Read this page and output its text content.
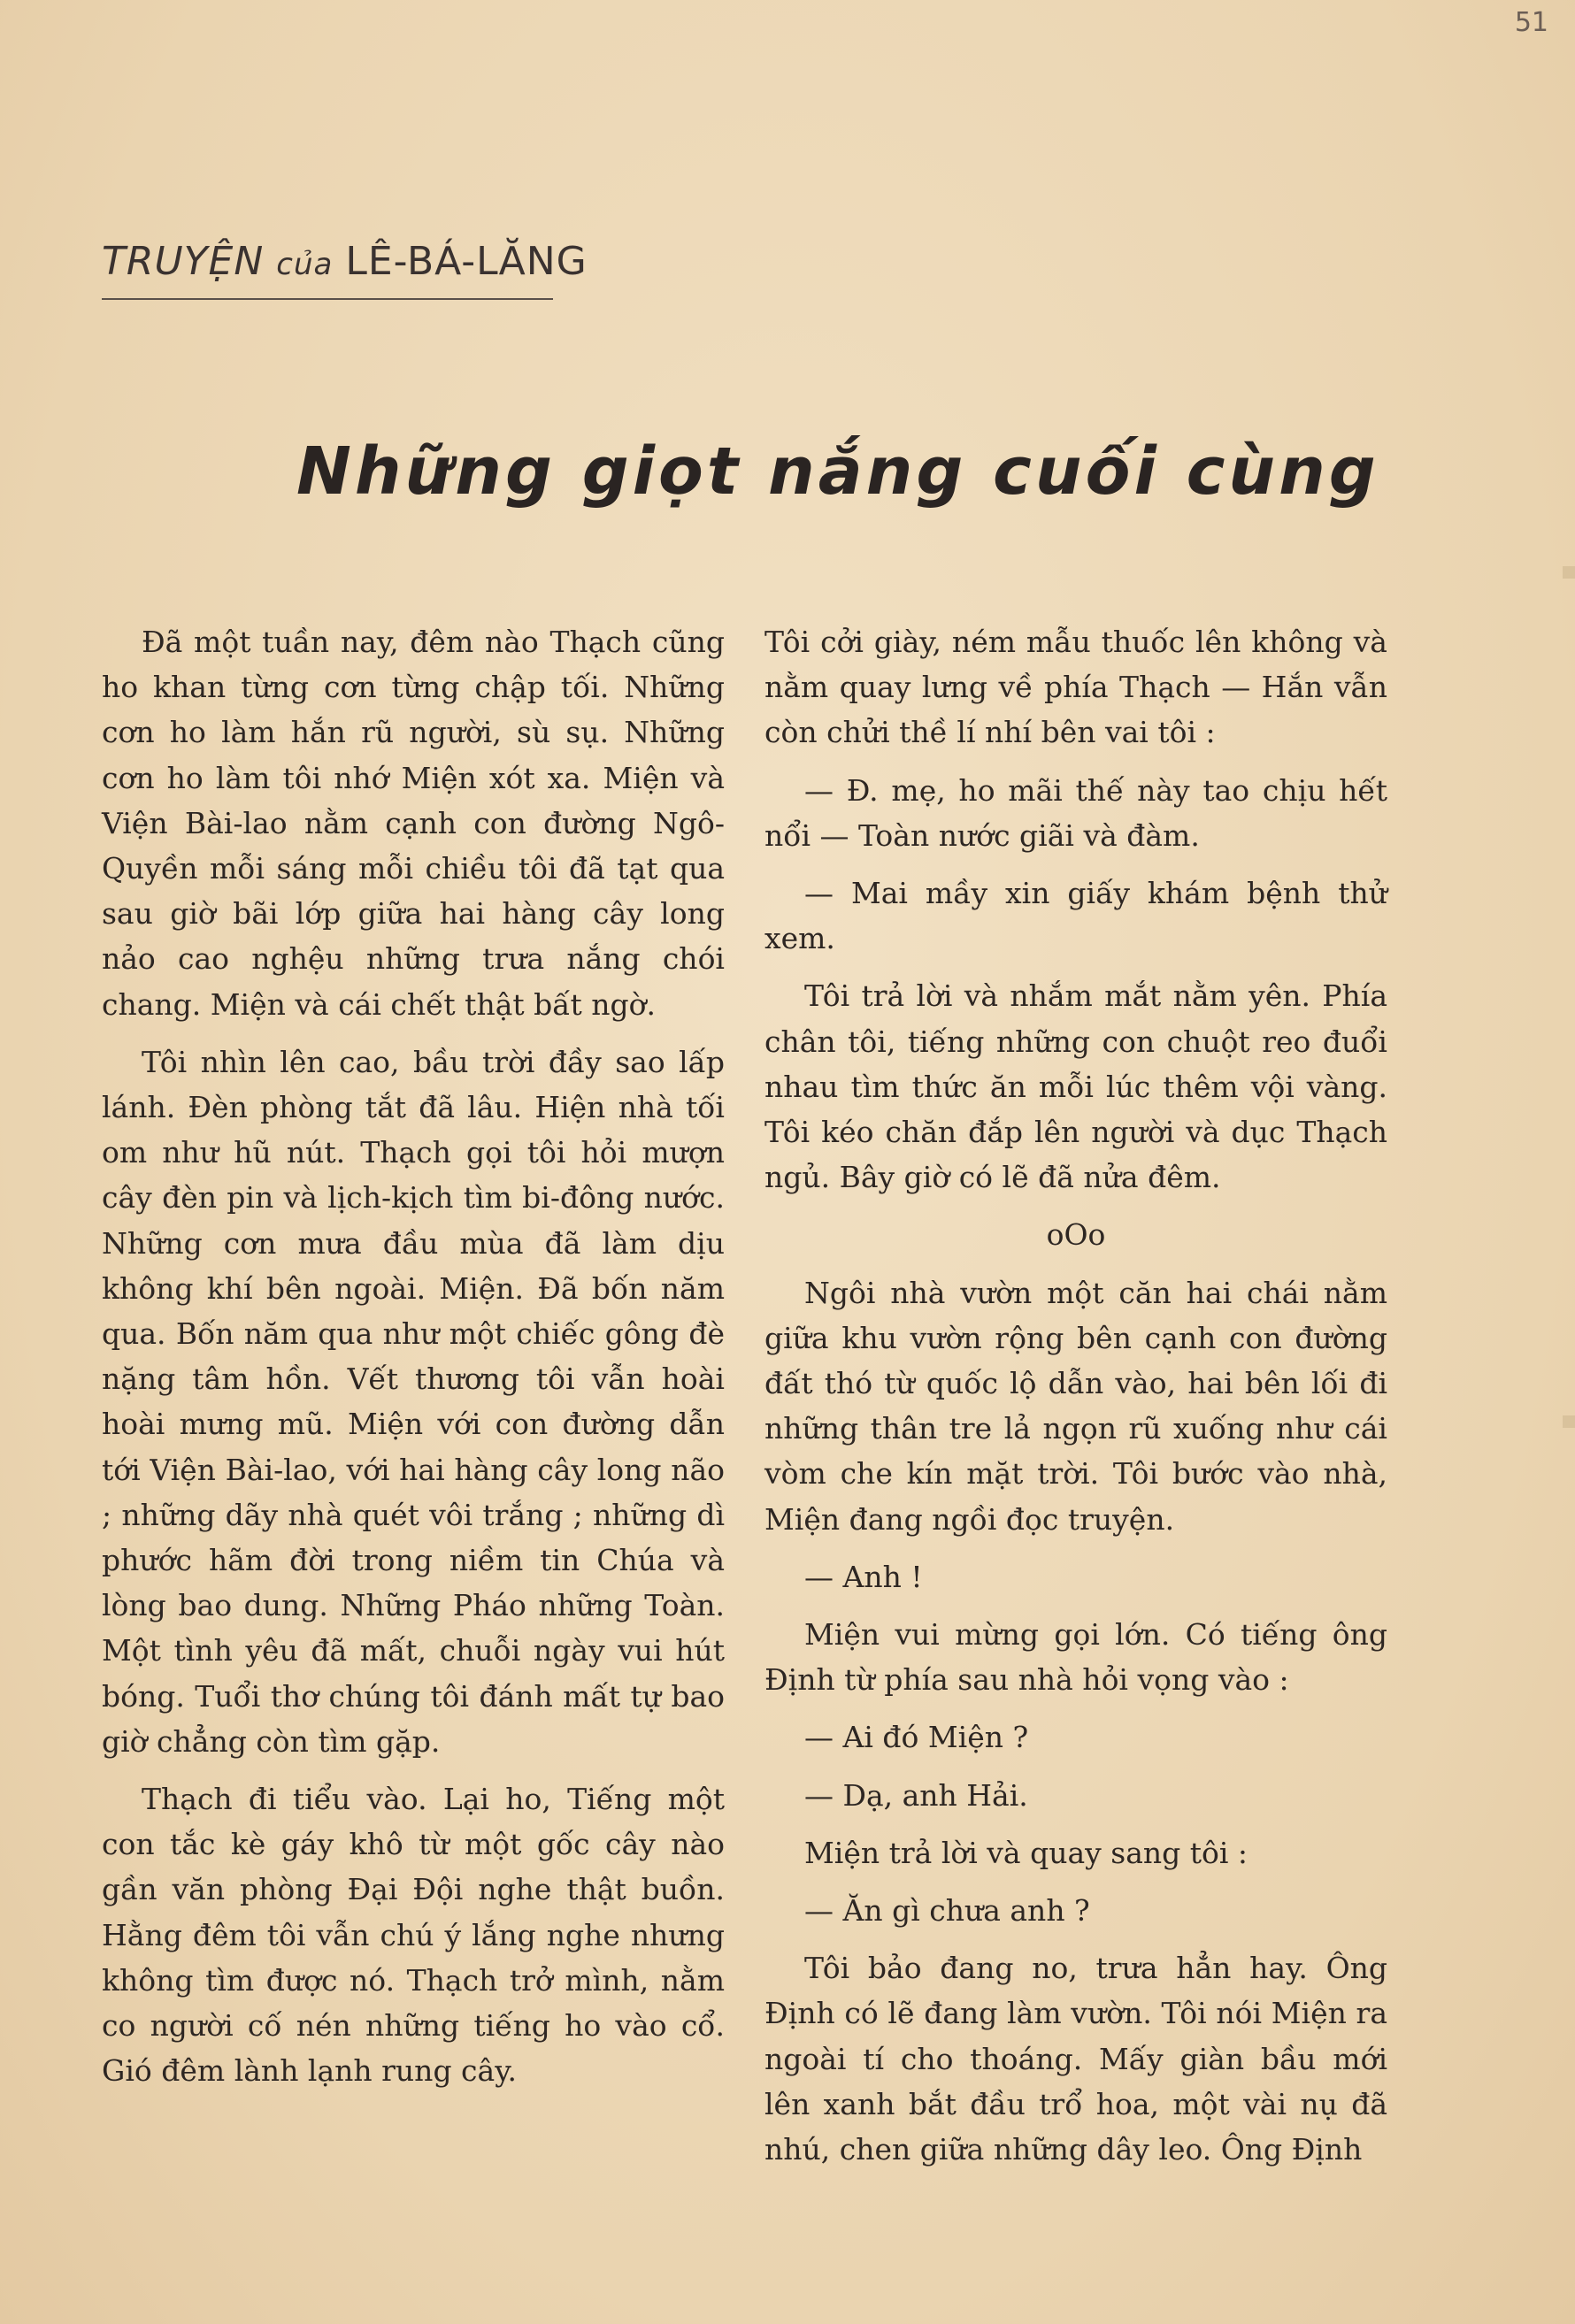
51
TRUYỆN của LÊ-BÁ-LĂNG
Những giọt nắng cuối cùng

Đã một tuần nay, đêm nào Thạch cũng ho khan từng cơn từng chập tối. Những cơn ho làm hắn rũ người, sù sụ. Những cơn ho làm tôi nhớ Miện xót xa. Miện và Viện Bài-lao nằm cạnh con đường Ngô-Quyền mỗi sáng mỗi chiều tôi đã tạt qua sau giờ bãi lớp giữa hai hàng cây long nảo cao nghệu những trưa nắng chói chang. Miện và cái chết thật bất ngờ.

Tôi nhìn lên cao, bầu trời đầy sao lấp lánh. Đèn phòng tắt đã lâu. Hiện nhà tối om như hũ nút. Thạch gọi tôi hỏi mượn cây đèn pin và lịch-kịch tìm bi-đông nước. Những cơn mưa đầu mùa đã làm dịu không khí bên ngoài. Miện. Đã bốn năm qua. Bốn năm qua như một chiếc gông đè nặng tâm hồn. Vết thương tôi vẫn hoài hoài mưng mũ. Miện với con đường dẫn tới Viện Bài-lao, với hai hàng cây long não ; những dãy nhà quét vôi trắng ; những dì phước hãm đời trong niềm tin Chúa và lòng bao dung. Những Pháo những Toàn. Một tình yêu đã mất, chuỗi ngày vui hút bóng. Tuổi thơ chúng tôi đánh mất tự bao giờ chẳng còn tìm gặp.

Thạch đi tiểu vào. Lại ho, Tiếng một con tắc kè gáy khô từ một gốc cây nào gần văn phòng Đại Đội nghe thật buồn. Hằng đêm tôi vẫn chú ý lắng nghe nhưng không tìm được nó. Thạch trở mình, nằm co người cố nén những tiếng ho vào cổ. Gió đêm lành lạnh rung cây.

Tôi cởi giày, ném mẫu thuốc lên không và nằm quay lưng về phía Thạch — Hắn vẫn còn chửi thề lí nhí bên vai tôi :

— Đ. mẹ, ho mãi thế này tao chịu hết nổi — Toàn nước giãi và đàm.

— Mai mầy xin giấy khám bệnh thử xem.

Tôi trả lời và nhắm mắt nằm yên. Phía chân tôi, tiếng những con chuột reo đuổi nhau tìm thức ăn mỗi lúc thêm vội vàng. Tôi kéo chăn đắp lên người và dục Thạch ngủ. Bây giờ có lẽ đã nửa đêm.

oOo

Ngôi nhà vườn một căn hai chái nằm giữa khu vườn rộng bên cạnh con đường đất thó từ quốc lộ dẫn vào, hai bên lối đi những thân tre lả ngọn rũ xuống như cái vòm che kín mặt trời. Tôi bước vào nhà, Miện đang ngồi đọc truyện.

— Anh !

Miện vui mừng gọi lớn. Có tiếng ông Định từ phía sau nhà hỏi vọng vào :

— Ai đó Miện ?

— Dạ, anh Hải.

Miện trả lời và quay sang tôi :

— Ăn gì chưa anh ?

Tôi bảo đang no, trưa hẳn hay. Ông Định có lẽ đang làm vườn. Tôi nói Miện ra ngoài tí cho thoáng. Mấy giàn bầu mới lên xanh bắt đầu trổ hoa, một vài nụ đã nhú, chen giữa những dây leo. Ông Định
